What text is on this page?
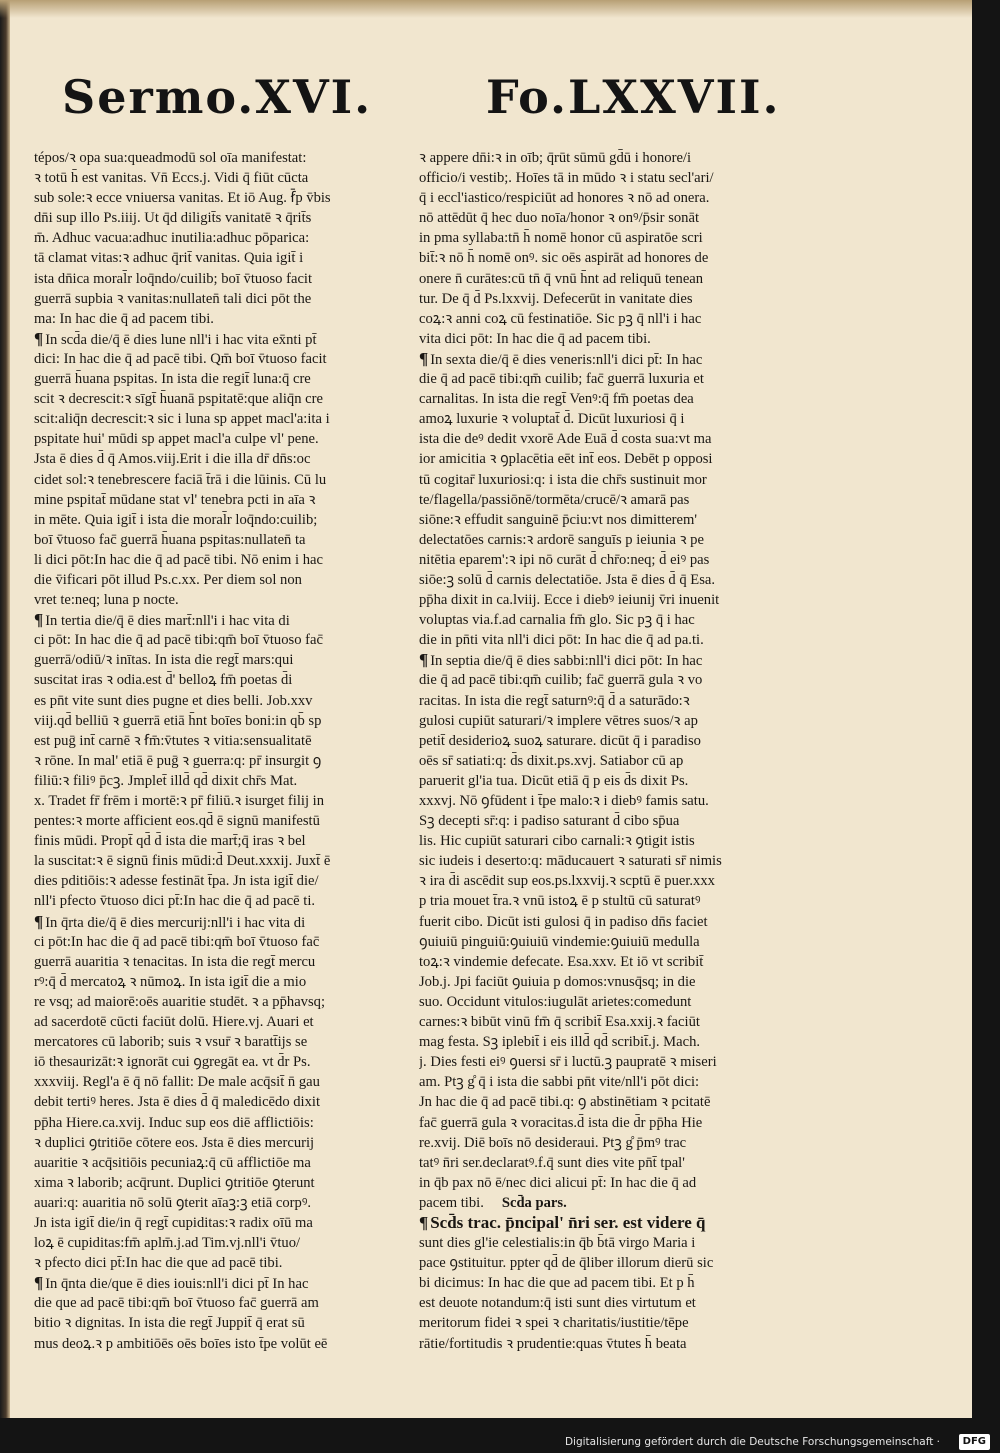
Sermo.XVI. Fo.LXXVII.

tépos/ꝛ opa sua:queadmodū sol oīa manifestat:

ꝛ totū h̄ est vanitas. Vn̄ Eccs.j. Vidi q̄ fiūt cūcta

sub sole:ꝛ ecce vniuersa vanitas. Et iō Aug. ẜ̄p v̄bis

dn̄i sup illo Ps.iiij. Ut q̄d diligit̄s vanitatē ꝛ q̄rit̄s

m̄. Adhuc vacua:adhuc inutilia:adhuc pōparica:

tā clamat vitas:ꝛ adhuc q̄rit̄ vanitas. Quia igit̄ i

ista dn̄ica moral̄r loq̄ndo/cuilib; boī v̄tuoso facit

guerrā supbia ꝛ vanitas:nullaten̄ tali dici pōt the

ma: In hac die q̄ ad pacem tibi.

¶ In scd̄a die/q̄ ē dies lune nll'i i hac vita ex̄nti pt̄

dici: In hac die q̄ ad pacē tibi. Qm̄ boī v̄tuoso facit

guerrā h̄uana pspitas. In ista die regit̄ luna:q̄ cre

scit ꝛ decrescit:ꝛ sīgt̄ h̄uanā pspitatē:que aliq̄n cre

scit:aliq̄n decrescit:ꝛ sic i luna sp appet macl'a:ita i

pspitate hui' mūdi sp appet macl'a culpe vl' pene.

Jsta ē dies d̄ q̄ Amos.viij.Erit i die illa dr̄ dn̄s:oc

cidet sol:ꝛ tenebrescere faciā t̄rā i die lūinis. Cū lu

mine pspitat̄ mūdane stat vl' tenebra pcti in aīa ꝛ

in mēte. Quia igit̄ i ista die moral̄r loq̄ndo:cuilib;

boī v̄tuoso fac̄ guerrā h̄uana pspitas:nullaten̄ ta

li dici pōt:In hac die q̄ ad pacē tibi. Nō enim i hac

die v̄ificari pōt illud Ps.c.xx. Per diem sol non

vret te:neq; luna p nocte.

¶ In tertia die/q̄ ē dies mart̄:nll'i i hac vita di

ci pōt: In hac die q̄ ad pacē tibi:qm̄ boī v̄tuoso fac̄

guerrā/odiū/ꝛ inītas. In ista die regt̄ mars:qui

suscitat iras ꝛ odia.est d̄' belloꝝ fm̄ poetas d̄i

es pn̄t vite sunt dies pugne et dies belli. Job.xxv

viij.qd̄ belliū ꝛ guerrā etiā h̄nt boīes boni:in qb̄ sp

est puḡ int̄ carnē ꝛ ẜm̄:v̄tutes ꝛ vitia:sensualitatē

ꝛ rōne. In mal' etiā ē puḡ ꝛ guerra:q: pr̄ insurgit ꝯ

filiū:ꝛ filiꝰ p̄cꝫ. Jmplet̄ illd̄ qd̄ dixit chr̄s Mat.

x. Tradet fr̄ frēm i mortē:ꝛ pr̄ filiū.ꝛ isurget filij in

pentes:ꝛ morte afficient eos.qd̄ ē signū manifestū

finis mūdi. Propt̄ qd̄ d̄ ista die mart̄;q̄ iras ꝛ bel

la suscitat:ꝛ ē signū finis mūdi:d̄ Deut.xxxij. Juxt̄ ē

dies pditiōis:ꝛ adesse festināt t̄pa. Jn ista igit̄ die/

nll'i pfecto v̄tuoso dici pt̄:In hac die q̄ ad pacē ti.

¶ In q̄rta die/q̄ ē dies mercurij:nll'i i hac vita di

ci pōt:In hac die q̄ ad pacē tibi:qm̄ boī v̄tuoso fac̄

guerrā auaritia ꝛ tenacitas. In ista die regt̄ mercu

rꝰ:q̄ d̄ mercatoꝝ ꝛ nūmoꝝ. In ista igit̄ die a mio

re vsq; ad maiorē:oēs auaritie studēt. ꝛ a pp̄havsq;

ad sacerdotē cūcti faciūt dolū. Hiere.vj. Auari et

mercatores cū laborib; suis ꝛ vsur̄ ꝛ baratt̄ijs se

iō thesaurizāt:ꝛ ignorāt cui ꝯgregāt ea. vt d̄r Ps.

xxxviij. Regl'a ē q̄ nō fallit: De male acq̄sit̄ n̄ gau

debit tertiꝰ heres. Jsta ē dies d̄ q̄ maledicēdo dixit

pp̄ha Hiere.ca.xvij. Induc sup eos diē afflictiōis:

ꝛ duplici ꝯtritiōe cōtere eos. Jsta ē dies mercurij

auaritie ꝛ acq̄sitiōis pecuniaꝝ:q̄ cū afflictiōe ma

xima ꝛ laborib; acq̄runt. Duplici ꝯtritiōe ꝯterunt

auari:q: auaritia nō solū ꝯterit aīaꝫ:ꝫ etiā corpꝰ.

Jn ista igit̄ die/in q̄ regt̄ cupiditas:ꝛ radix oīū ma

loꝝ ē cupiditas:fm̄ aplm̄.j.ad Tim.vj.nll'i v̄tuo/

ꝛ pfecto dici pt̄:In hac die que ad pacē tibi.

¶ In q̄nta die/que ē dies iouis:nll'i dici pt̄ In hac

die que ad pacē tibi:qm̄ boī v̄tuoso fac̄ guerrā am

bitio ꝛ dignitas. In ista die regt̄ Juppit̄ q̄ erat sū

mus deoꝝ.ꝛ p ambitiōēs oēs boīes isto t̄pe volūt eē

ꝛ appere dn̄i:ꝛ in oīb; q̄rūt sūmū gd̄ū i honore/i

officio/i vestib;. Hoīes tā in mūdo ꝛ i statu secl'ari/

q̄ i eccl'iastico/respiciūt ad honores ꝛ nō ad onera.

nō attēdūt q̄ hec duo noīa/honor ꝛ onꝰ/p̄sir sonāt

in pma syllaba:tn̄ h̄ nomē honor cū aspiratōe scri

bit̄:ꝛ nō h̄ nomē onꝰ. sic oēs aspirāt ad honores de

onere n̄ curātes:cū tn̄ q̄ vnū h̄nt ad reliquū tenean

tur. De q̄ d̄ Ps.lxxvij. Defecerūt in vanitate dies

coꝝ:ꝛ anni coꝝ cū festinatiōe. Sic pꝫ q̄ nll'i i hac

vita dici pōt: In hac die q̄ ad pacem tibi.

¶ In sexta die/q̄ ē dies veneris:nll'i dici pt̄: In hac

die q̄ ad pacē tibi:qm̄ cuilib; fac̄ guerrā luxuria et

carnalitas. In ista die regt̄ Venꝰ:q̄ fm̄ poetas dea

amoꝝ luxurie ꝛ voluptat̄ d̄. Dicūt luxuriosi q̄ i

ista die deꝰ dedit vxorē Ade Euā d̄ costa sua:vt ma

ior amicitia ꝛ ꝯplacētia eēt int̄ eos. Debēt p opposi

tū cogitar̄ luxuriosi:q: i ista die chr̄s sustinuit mor

te/flagella/passiōnē/tormēta/crucē/ꝛ amarā pas

siōne:ꝛ effudit sanguinē p̄ciu:vt nos dimitterem'

delectatōes carnis:ꝛ ardorē sanguīs p ieiunia ꝛ pe

nitētia eparem':ꝛ ipi nō curāt d̄ chr̄o:neq; d̄ eiꝰ pas

siōe:ꝫ solū d̄ carnis delectatiōe. Jsta ē dies d̄ q̄ Esa.

pp̄ha dixit in ca.lviij. Ecce i diebꝰ ieiunij v̄ri inuenit

voluptas via.f.ad carnalia fm̄ glo. Sic pꝫ q̄ i hac

die in pn̄ti vita nll'i dici pōt: In hac die q̄ ad pa.ti.

¶ In septia die/q̄ ē dies sabbi:nll'i dici pōt: In hac

die q̄ ad pacē tibi:qm̄ cuilib; fac̄ guerrā gula ꝛ vo

racitas. In ista die regt̄ saturnꝰ:q̄ d̄ a saturādo:ꝛ

gulosi cupiūt saturari/ꝛ implere vētres suos/ꝛ ap

petit̄ desiderioꝝ suoꝝ saturare. dicūt q̄ i paradiso

oēs sr̄ satiati:q: d̄s dixit.ps.xvj. Satiabor cū ap

paruerit gl'ia tua. Dicūt etiā q̄ p eis d̄s dixit Ps.

xxxvj. Nō ꝯfūdent i t̄pe malo:ꝛ i diebꝰ famis satu.

Sꝫ decepti sr̄:q: i padiso saturant d̄ cibo sp̄ua

lis. Hic cupiūt saturari cibo carnali:ꝛ ꝯtigit istis

sic iudeis i deserto:q: māducauert ꝛ saturati sr̄ nimis

ꝛ ira d̄i ascēdit sup eos.ps.lxxvij.ꝛ scptū ē puer.xxx

p tria mouet t̄ra.ꝛ vnū istoꝝ ē p stultū cū saturatꝰ

fuerit cibo. Dicūt isti gulosi q̄ in padiso dn̄s faciet

ꝯuiuiū pinguiū:ꝯuiuiū vindemie:ꝯuiuiū medulla

toꝝ:ꝛ vindemie defecate. Esa.xxv. Et iō vt scribit̄

Job.j. Jpi faciūt ꝯuiuia p domos:vnusq̄sq; in die

suo. Occidunt vitulos:iugulāt arietes:comedunt

carnes:ꝛ bibūt vinū fm̄ q̄ scribit̄ Esa.xxij.ꝛ faciūt

mag festa. Sꝫ iplebit̄ i eis illd̄ qd̄ scribit̄.j. Mach.

j. Dies festi eiꝰ ꝯuersi sr̄ i luctū.ꝫ paupratē ꝛ miseri

am. Ptꝫ g̊ q̄ i ista die sabbi pn̄t vite/nll'i pōt dici:

Jn hac die q̄ ad pacē tibi.q: ꝯ abstinētiam ꝛ pcitatē

fac̄ guerrā gula ꝛ voracitas.d̄ ista die d̄r pp̄ha Hie

re.xvij. Diē boīs nō desideraui. Ptꝫ g̊ p̄mꝰ trac

tatꝰ n̄ri ser.declaratꝰ.f.q̄ sunt dies vite pn̄t̄ tpal'

in q̄b pax nō ē/nec dici alicui pt̄: In hac die q̄ ad

pacem tibi. Scd̄a pars.

¶ Scd̄s trac. p̄ncipal' n̄ri ser. est videre q̄

sunt dies gl'ie celestialis:in q̄b b̄tā virgo Maria i

pace ꝯstituitur. ppter qd̄ de q̄liber illorum dierū sic

bi dicimus: In hac die que ad pacem tibi. Et p h̄

est deuote notandum:q̄ isti sunt dies virtutum et

meritorum fidei ꝛ spei ꝛ charitatis/iustitie/tēpe

rātie/fortitudis ꝛ prudentie:quas v̄tutes h̄ beata

Digitalisierung gefördert durch die Deutsche Forschungsgemeinschaft ·	DFG
